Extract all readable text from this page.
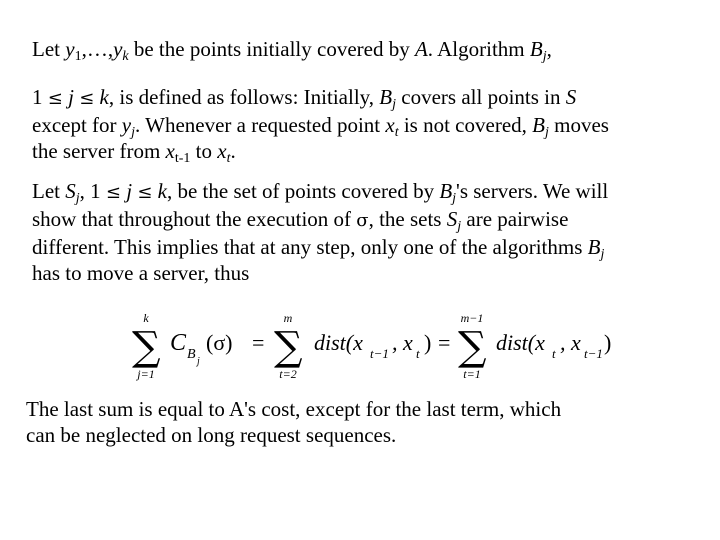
Let $y_1,\dots,y_k$ be the points initially covered by A. Algorithm $B_j$,
1 ≤ j ≤ k, is defined as follows: Initially, $B_j$ covers all points in S
except for $y_j$. Whenever a requested point $x_t$ is not covered, $B_j$ moves
the server from $x_{t-1}$ to $x_t$.
Let $S_j$, 1 ≤ j ≤ k, be the set of points covered by $B_j's$ servers. We will
show that throughout the execution of σ, the sets $S_j$ are pairwise
different. This implies that at any step, only one of the algorithms $B_j$
has to move a server, thus
k
∑
j=1
C B j
(σ) =
m
∑
t=2
dist(x t−1 , x t ) =
m−1
∑
t=1
dist(x t , x t−1 )
The last sum is equal to A's cost, except for the last term, which
can be neglected on long request sequences.
